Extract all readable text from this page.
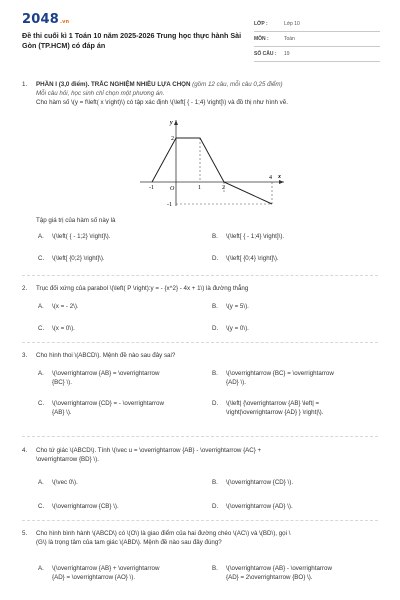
2048.vn
Đề thi cuối kì 1 Toán 10 năm 2025-2026 Trung học thực hành Sài Gòn (TP.HCM) có đáp án
LỚP :	Lớp 10
MÔN :	Toán
SỐ CÂU :	19
1.	PHẦN I (3,0 điểm). TRẮC NGHIỆM NHIỀU LỰA CHỌN (gồm 12 câu, mỗi câu 0,25 điểm)
Mỗi câu hỏi, học sinh chỉ chọn một phương án.
Cho hàm số \(y = f\left( x \right)\) có tập xác định \(\left[ { - 1;4} \right]\) và đồ thị như hình vẽ.
y
x
O
-1	1	2
4
2
-1
Tập giá trị của hàm số này là
A. \(\left( { - 1;2} \right]\).	B. \(\left[ { - 1;4} \right]\).
C. \(\left[ {0;2} \right]\).	D. \(\left[ {0;4} \right]\).
2.	Trục đối xứng của parabol \(\left( P \right):y = - {x^2} - 4x + 1\) là đường thẳng
A. \(x = - 2\).	B. \(y = 5\).
C. \(x = 0\).	D. \(y = 0\).
3.	Cho hình thoi \(ABCD\). Mệnh đề nào sau đây sai?
A. \(\overrightarrow {AB} = \overrightarrow
{BC} \).
B. \(\overrightarrow {BC} = \overrightarrow
{AD} \).
C. \(\overrightarrow {CD} = - \overrightarrow
{AB} \).
D. \(\left| {\overrightarrow {AB} \left| =
\right|\overrightarrow {AD} } \right|\).
4.	Cho tứ giác \(ABCD\). Tính \(\vec u = \overrightarrow {AB} - \overrightarrow {AC} +
\overrightarrow {BD} \).
A. \(\vec 0\).	B. \(\overrightarrow {CD} \).
C. \(\overrightarrow {CB} \).	D. \(\overrightarrow {AD} \).
5.	Cho hình bình hành \(ABCD\) có \(O\) là giao điểm của hai đường chéo \(AC\) và \(BD\), gọi \
(G\) là trọng tâm của tam giác \(ABD\). Mệnh đề nào sau đây đúng?
A. \(\overrightarrow {AB} + \overrightarrow
{AD} = \overrightarrow {AO} \).
B. \(\overrightarrow {AB} - \overrightarrow
{AD} = 2\overrightarrow {BO} \).
